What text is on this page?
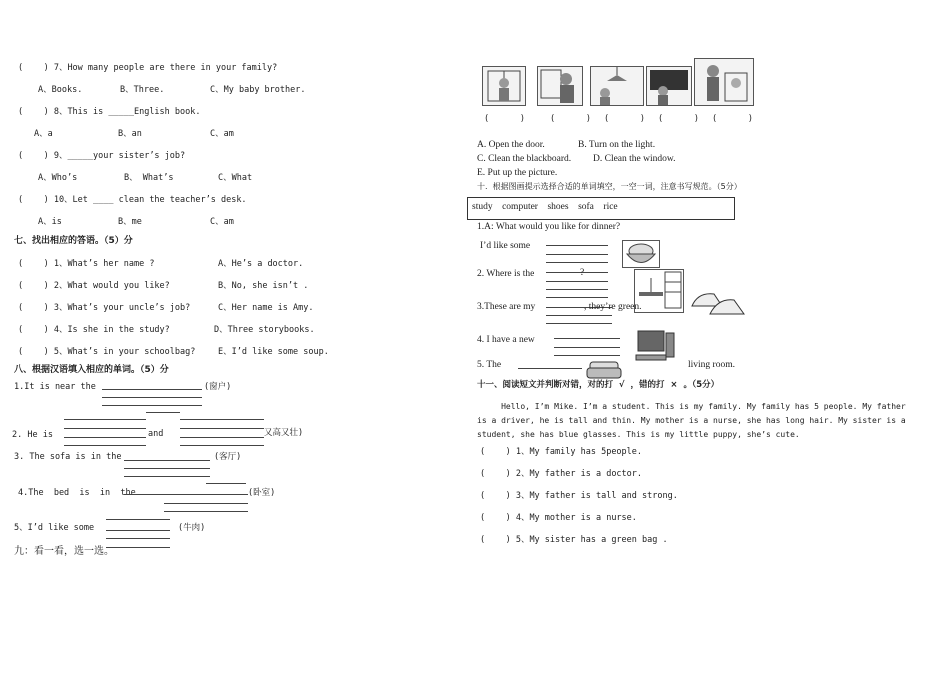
(    ) 7、How many people are there in your family?
A、Books.	B、Three.	C、My baby brother.
(    ) 8、This is _____English book.
A、a	B、an	C、am
(    ) 9、_____your sister’s job?
A、Who’s	B、 What’s	C、What
(    ) 10、Let ____ clean the teacher’s desk.
A、is	B、me	C、am
七、找出相应的答语。（5）分
(    ) 1、What’s her name ?	A、He’s a doctor.
(    ) 2、What would you like?	B、No, she isn’t .
(    ) 3、What’s your uncle’s job?	C、Her name is Amy.
(    ) 4、Is she in the study?	D、Three storybooks.
(    ) 5、What’s in your schoolbag?	E、I’d like some soup.
八、根据汉语填入相应的单词。（5）分
1.It is near the	(窗户)
2. He is	and	又高又壮)
3. The sofa is in the	(客厅)
4.The  bed  is  in  the	(卧室)
5、I’d like some	(牛肉)
九：看一看，选一选。
(      )	(      ) (      ) (      ) (      )
A. Open the door.	B. Turn on the light.
C. Clean the blackboard. D. Clean the window.
E. Put up the picture.
十.  根据图画提示选择合适的单词填空，一空一词，注意书写规范。（5分）
study    computer    shoes    sofa    rice
1.A: What would you like for dinner?
I’d like some
2. Where is the	?
3.These are my	, they’re green.
4. I have a new
5. The	living room.
十一、阅读短文并判断对错，对的打  √  ，错的打  ×  。（5分）
Hello, I’m Mike. I’m a student. This is my family. My family has 5 people. My father
is a driver, he is tall and thin. My mother is a nurse, she has long hair. My sister is a
student, she has blue glasses. This is my little puppy, she’s cute.
(    ) 1、My family has 5people.
(    ) 2、My father is a doctor.
(    ) 3、My father is tall and strong.
(    ) 4、My mother is a nurse.
(    ) 5、My sister has a green bag .
